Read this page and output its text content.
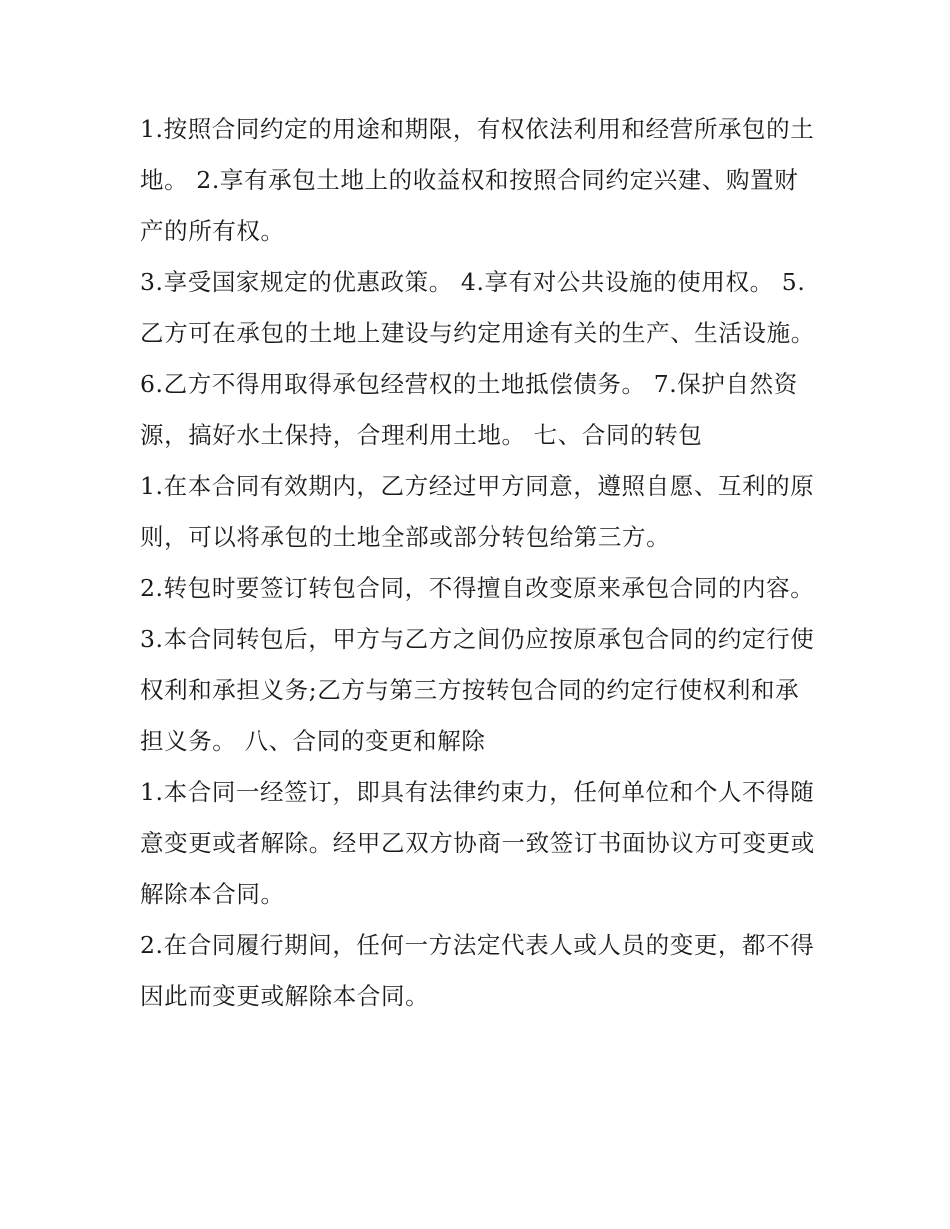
1.按照合同约定的用途和期限，有权依法利用和经营所承包的土地。 2.享有承包土地上的收益权和按照合同约定兴建、购置财产的所有权。

3.享受国家规定的优惠政策。 4.享有对公共设施的使用权。 5.乙方可在承包的土地上建设与约定用途有关的生产、生活设施。

6.乙方不得用取得承包经营权的土地抵偿债务。 7.保护自然资源，搞好水土保持，合理利用土地。 七、合同的转包

1.在本合同有效期内，乙方经过甲方同意，遵照自愿、互利的原则，可以将承包的土地全部或部分转包给第三方。

2.转包时要签订转包合同，不得擅自改变原来承包合同的内容。

3.本合同转包后，甲方与乙方之间仍应按原承包合同的约定行使权利和承担义务;乙方与第三方按转包合同的约定行使权利和承担义务。 八、合同的变更和解除

1.本合同一经签订，即具有法律约束力，任何单位和个人不得随意变更或者解除。经甲乙双方协商一致签订书面协议方可变更或解除本合同。

2.在合同履行期间，任何一方法定代表人或人员的变更，都不得因此而变更或解除本合同。
